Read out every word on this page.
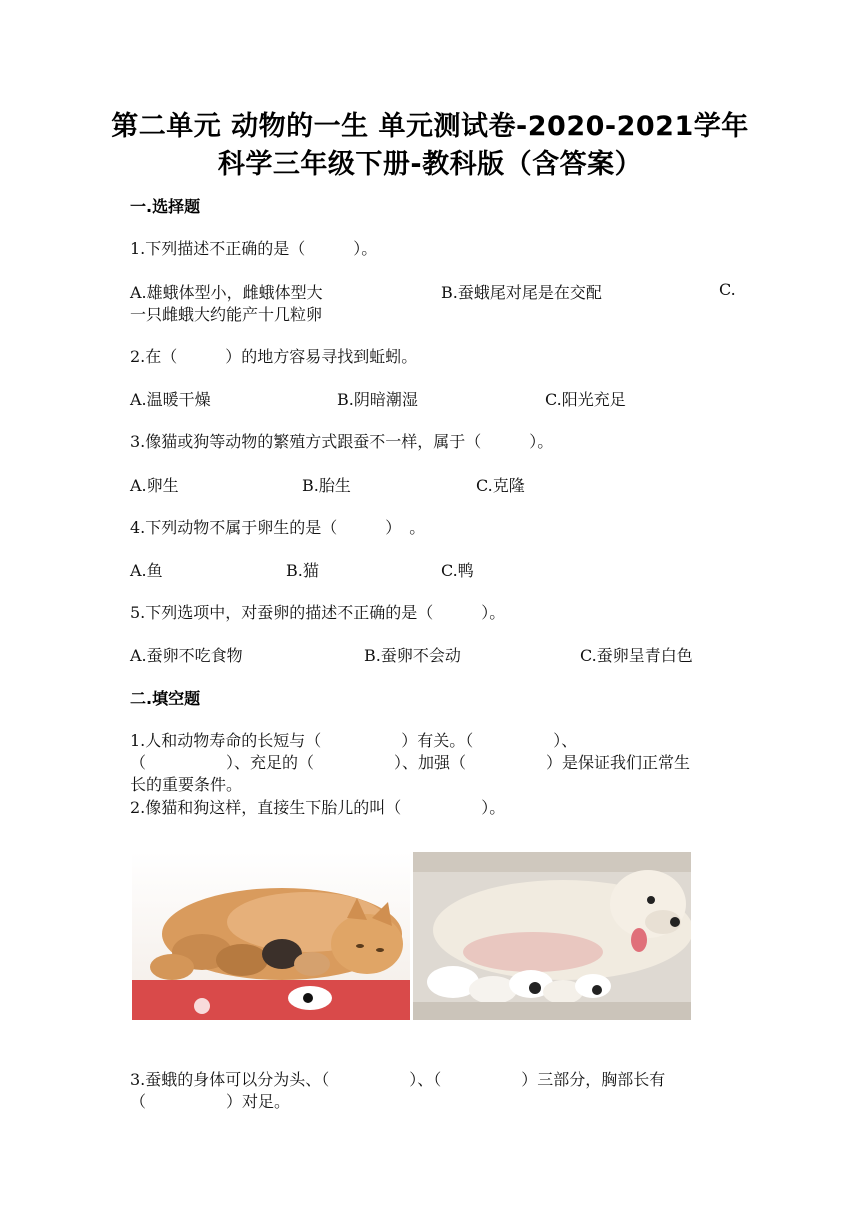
第二单元 动物的一生 单元测试卷-2020-2021学年
科学三年级下册-教科版（含答案）
一.选择题
1.下列描述不正确的是（　　　）。
A.雄蛾体型小，雌蛾体型大	B.蚕蛾尾对尾是在交配	C.
一只雌蛾大约能产十几粒卵
2.在（　　　）的地方容易寻找到蚯蚓。
A.温暖干燥	B.阴暗潮湿	C.阳光充足
3.像猫或狗等动物的繁殖方式跟蚕不一样，属于（　　　）。
A.卵生	B.胎生	C.克隆
4.下列动物不属于卵生的是（　　　）　。
A.鱼	B.猫	C.鸭
5.下列选项中，对蚕卵的描述不正确的是（　　　）。
A.蚕卵不吃食物	B.蚕卵不会动	C.蚕卵呈青白色
二.填空题
1.人和动物寿命的长短与（　　　　　）有关。（　　　　　）、
（　　　　　）、充足的（　　　　　）、加强（　　　　　）是保证我们正常生
长的重要条件。
2.像猫和狗这样，直接生下胎儿的叫（　　　　　）。
3.蚕蛾的身体可以分为头、（　　　　　）、（　　　　　）三部分，胸部长有
（　　　　　）对足。
